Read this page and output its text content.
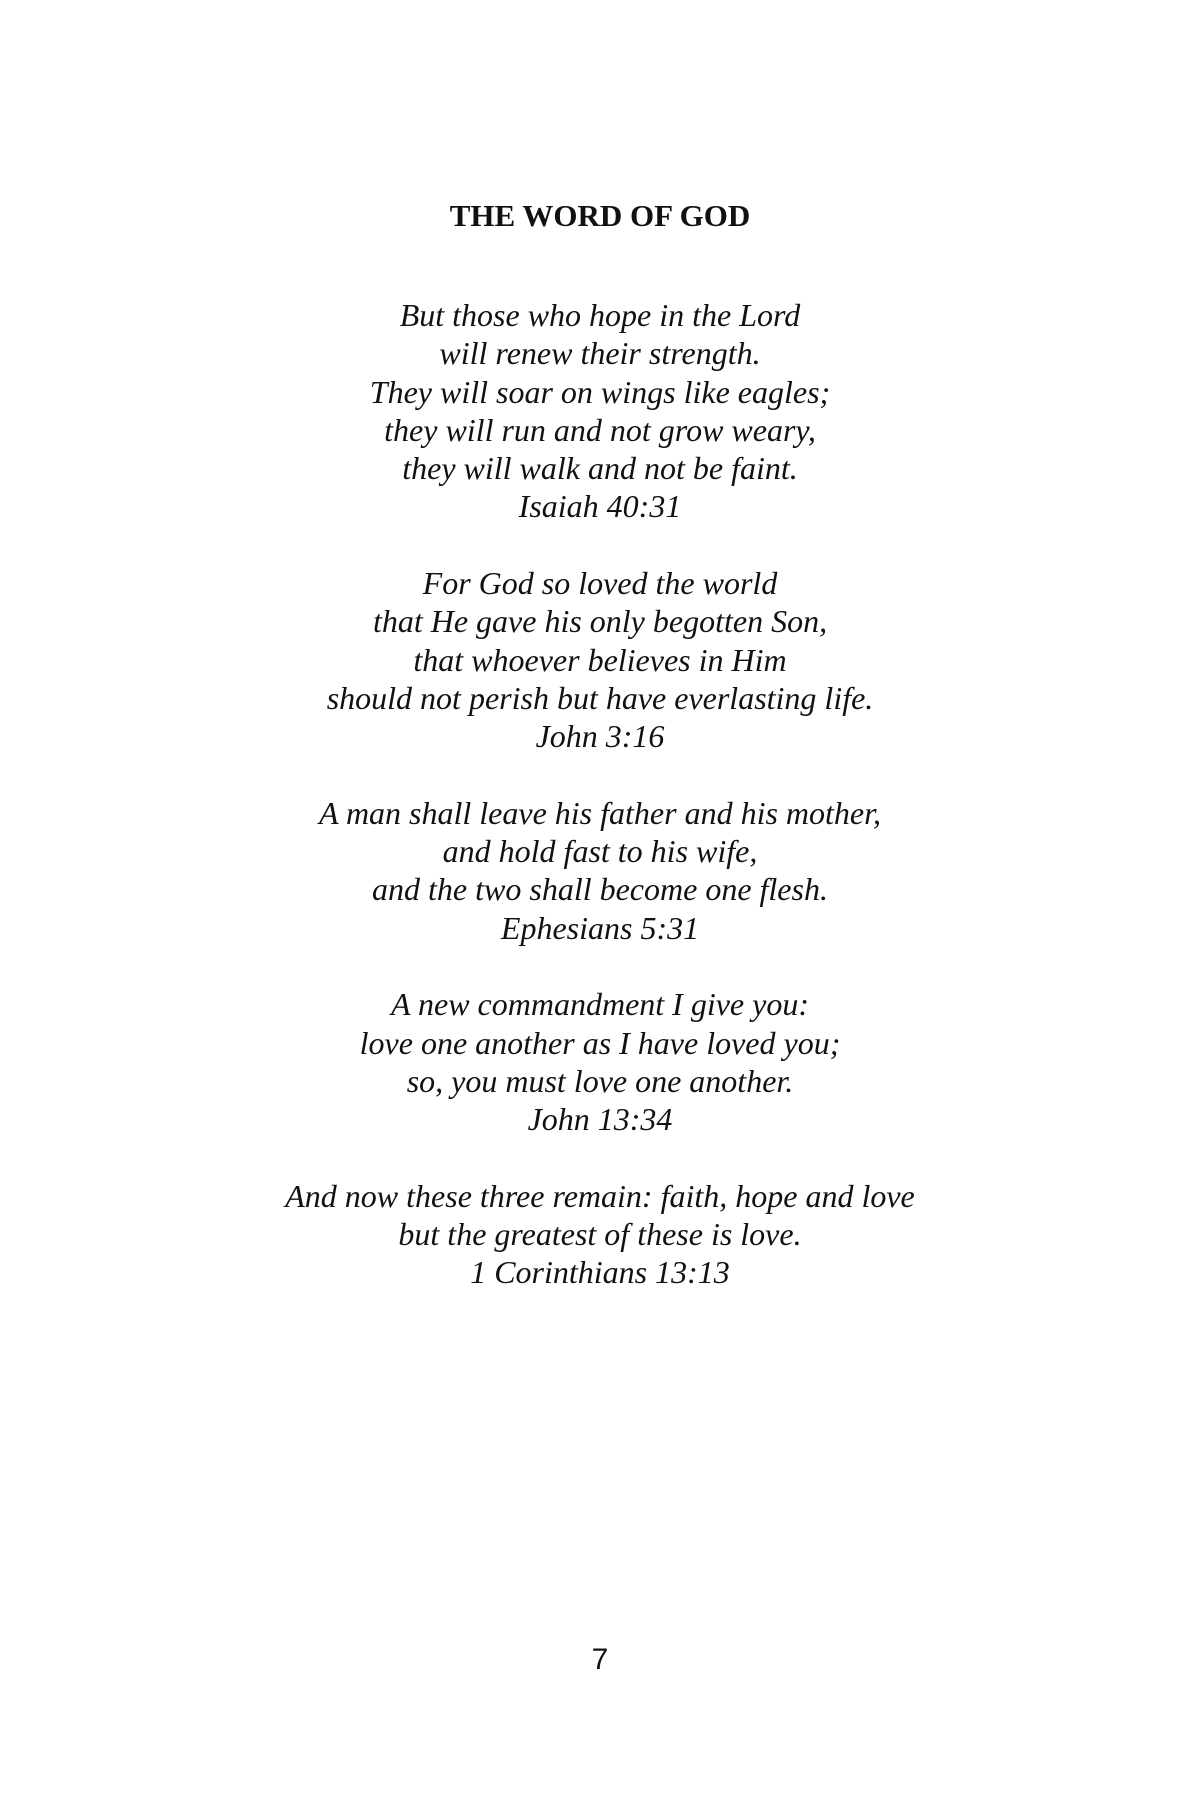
THE WORD OF GOD
But those who hope in the Lord
will renew their strength.
They will soar on wings like eagles;
they will run and not grow weary,
they will walk and not be faint.
Isaiah 40:31
For God so loved the world
that He gave his only begotten Son,
that whoever believes in Him
should not perish but have everlasting life.
John 3:16
A man shall leave his father and his mother,
and hold fast to his wife,
and the two shall become one flesh.
Ephesians 5:31
A new commandment I give you:
love one another as I have loved you;
so, you must love one another.
John 13:34
And now these three remain: faith, hope and love
but the greatest of these is love.
1 Corinthians 13:13
7
